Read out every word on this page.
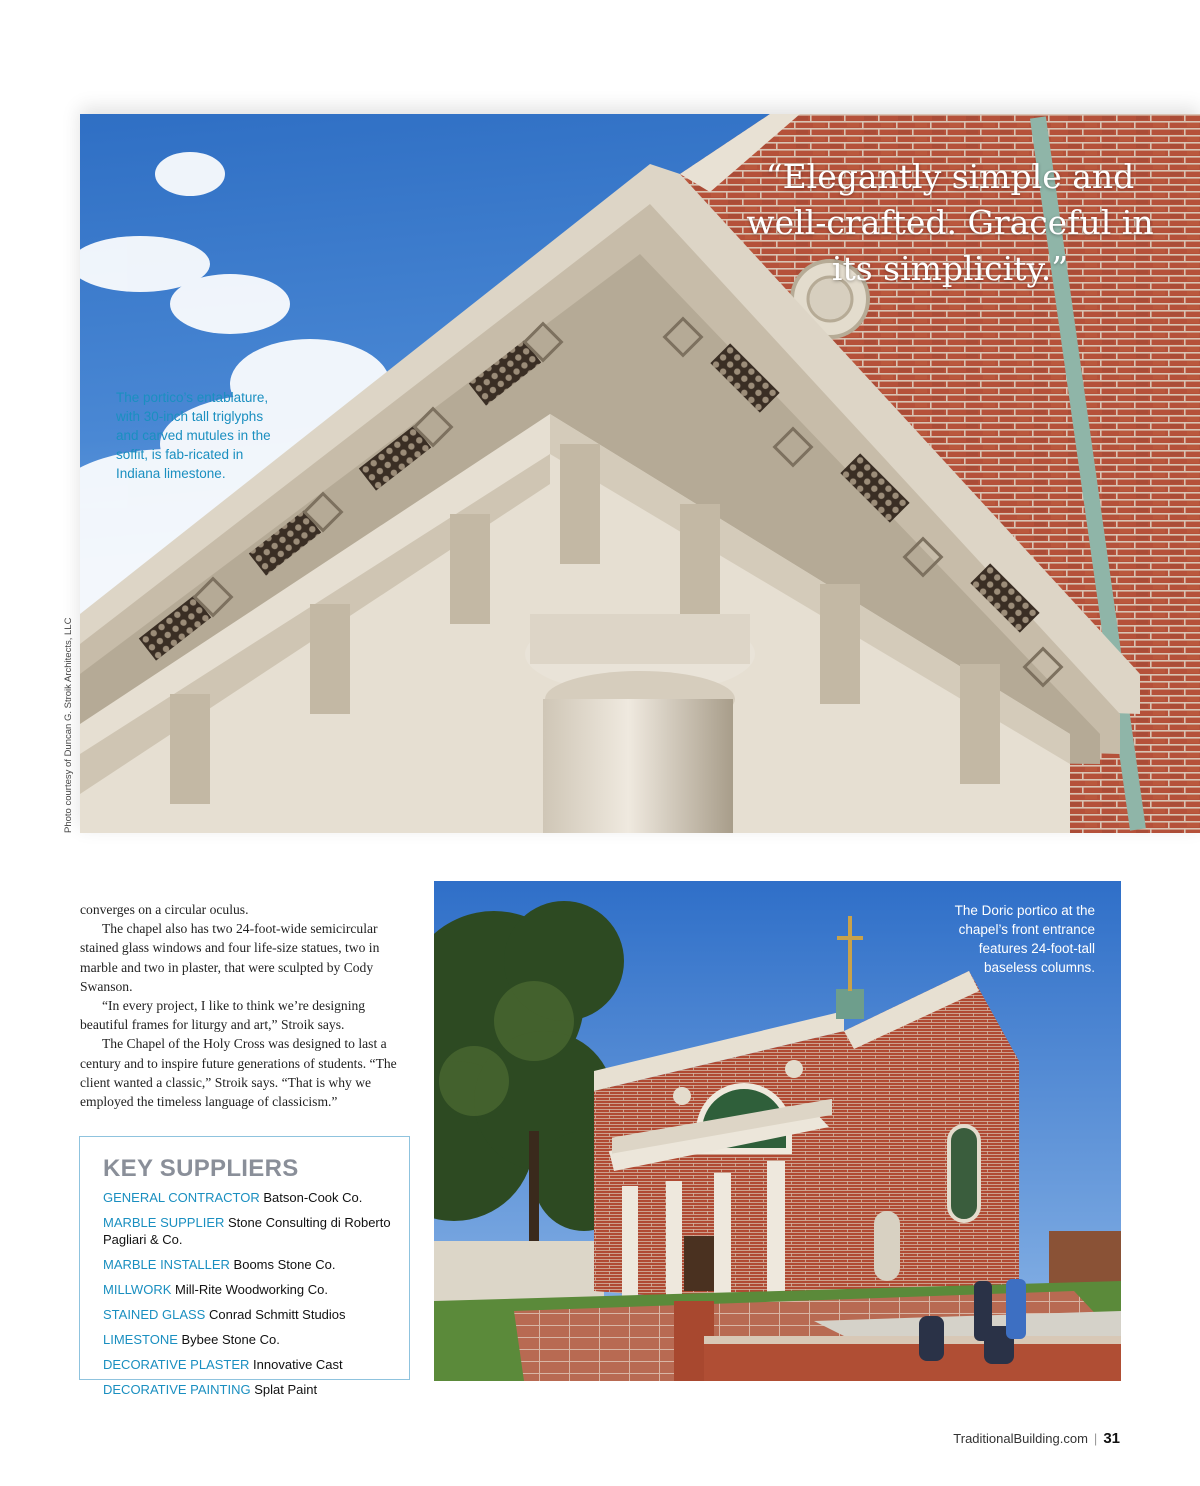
“Elegantly simple and well-crafted. Graceful in its simplicity.”
The portico’s entablature, with 30-inch tall triglyphs and carved mutules in the soffit, is fab-ricated in Indiana limestone.
Photo courtesy of Duncan G. Stroik Architects, LLC

converges on a circular oculus.

The chapel also has two 24-foot-wide semicircular stained glass windows and four life-size statues, two in marble and two in plaster, that were sculpted by Cody Swanson.

“In every project, I like to think we’re designing beautiful frames for liturgy and art,” Stroik says.

The Chapel of the Holy Cross was designed to last a century and to inspire future generations of students. “The client wanted a classic,” Stroik says. “That is why we employed the timeless language of classicism.”

KEY SUPPLIERS
GENERAL CONTRACTOR Batson-Cook Co.
MARBLE SUPPLIER Stone Consulting di Roberto Pagliari & Co.
MARBLE INSTALLER Booms Stone Co.
MILLWORK Mill-Rite Woodworking Co.
STAINED GLASS Conrad Schmitt Studios
LIMESTONE Bybee Stone Co.
DECORATIVE PLASTER Innovative Cast
DECORATIVE PAINTING Splat Paint
The Doric portico at the chapel’s front entrance features 24-foot-tall baseless columns.
TraditionalBuilding.com | 31
